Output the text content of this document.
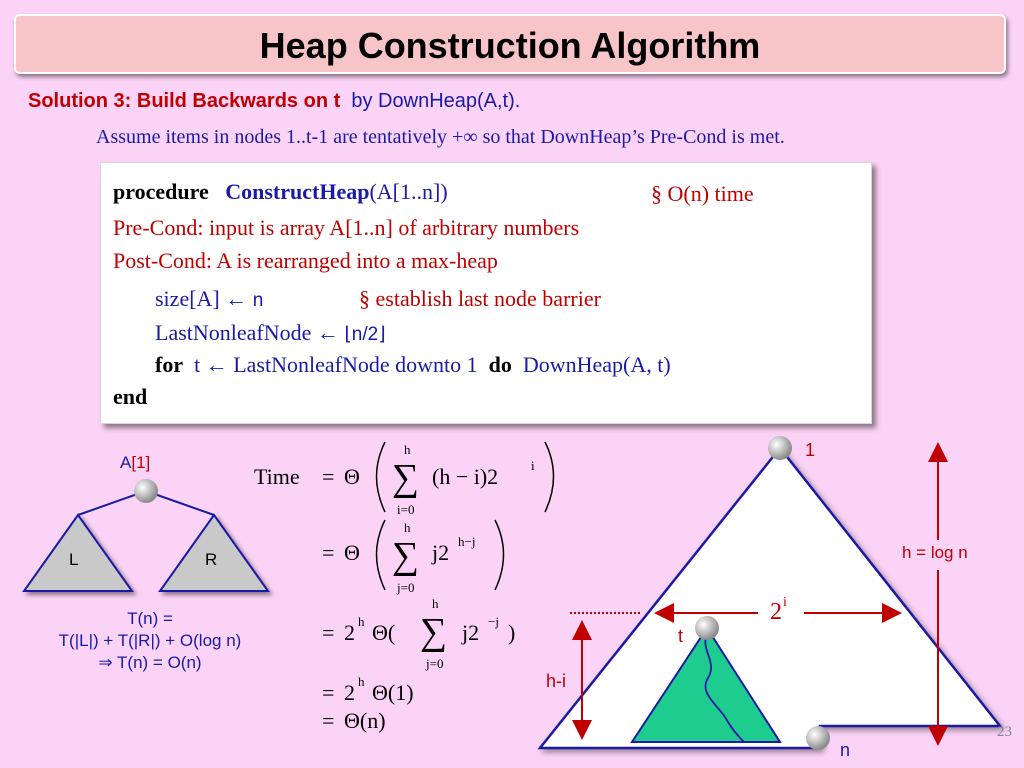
Heap Construction Algorithm
Solution 3: Build Backwards on t by DownHeap(A,t).
Assume items in nodes 1..t-1 are tentatively +∞ so that DownHeap’s Pre-Cond is met.
procedure ConstructHeap(A[1..n])	§ O(n) time
Pre-Cond: input is array A[1..n] of arbitrary numbers
Post-Cond: A is rearranged into a max-heap
size[A] ← n	§ establish last node barrier
LastNonleafNode ← ⌊n/2⌋
for t ← LastNonleafNode downto 1 do DownHeap(A, t)
end
A[1]
L	R
T(n) =
T(|L|) + T(|R|) + O(log n)
⇒ T(n) = O(n)
Time = Θ
h
∑
i=0
(h − i)2	i
= Θ
h
∑
j=0
j2 h−j
= 2 h Θ(
h
∑
j=0
j2 −j )
= 2 h Θ(1)
= Θ(n)
1
h = log n
2 i
t
h-i
n
23
